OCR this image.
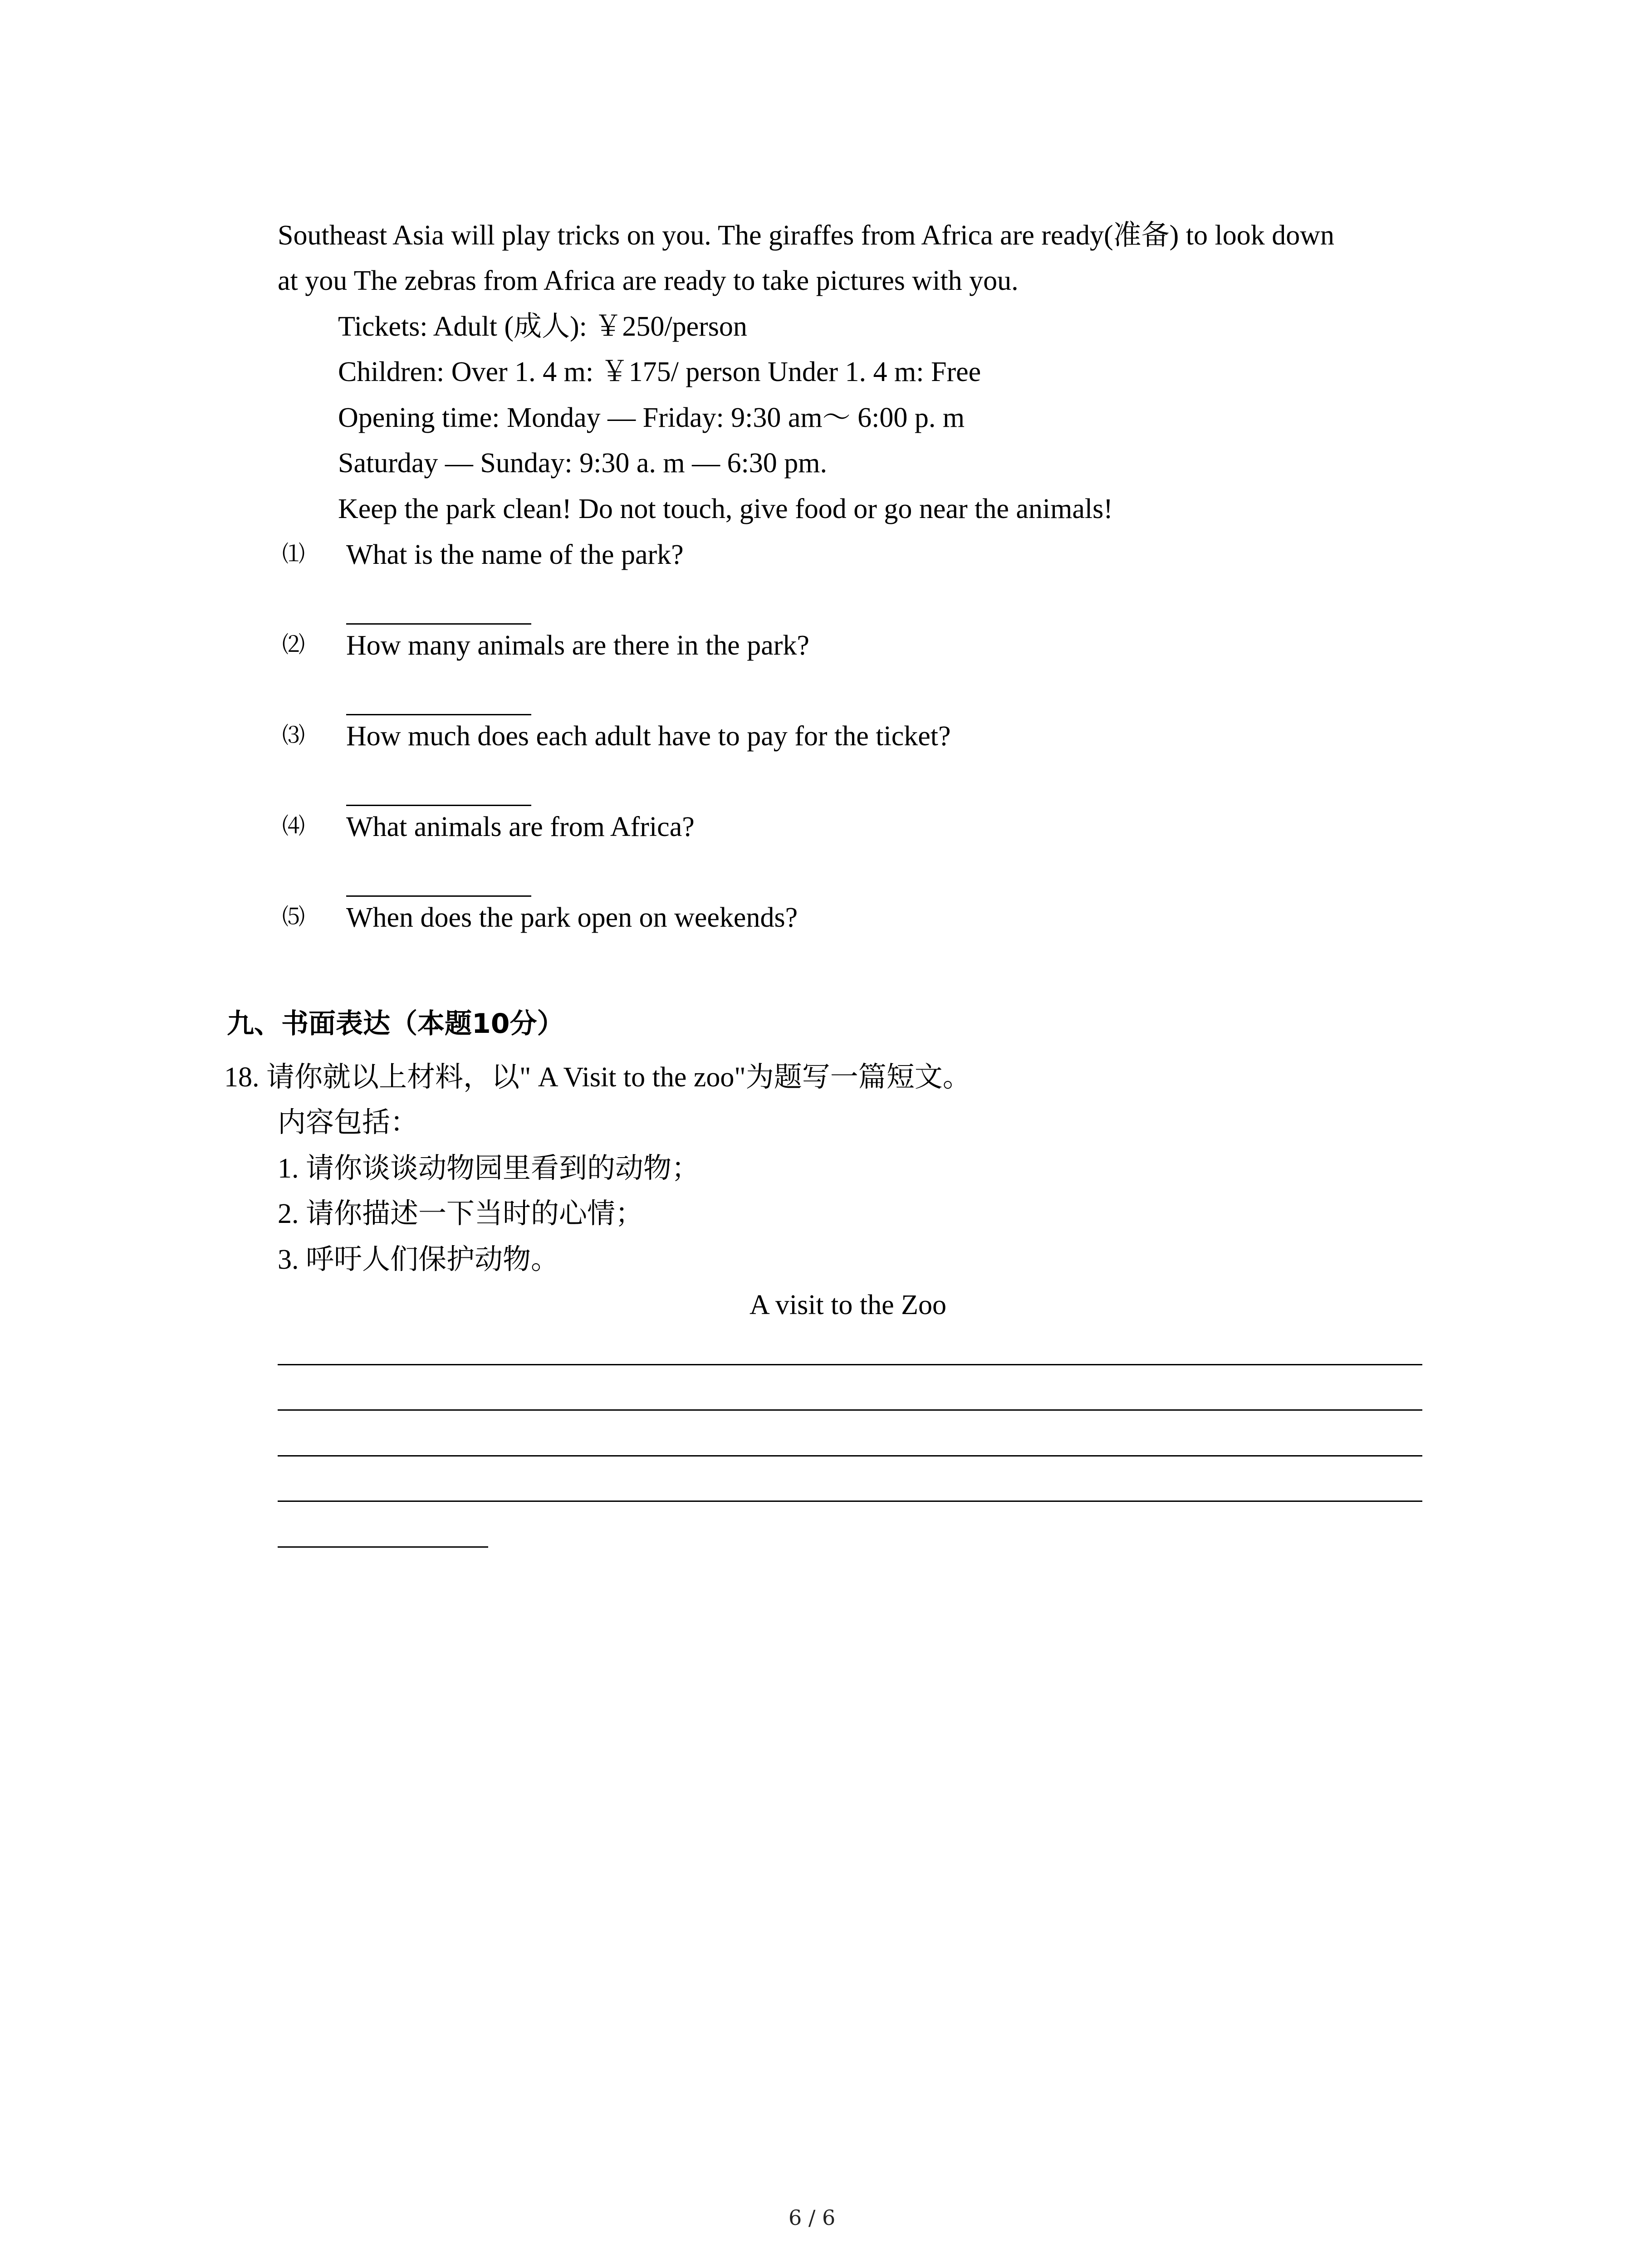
Southeast Asia will play tricks on you. The giraffes from Africa are ready(准备) to look down
at you The zebras from Africa are ready to take pictures with you.
Tickets: Adult (成人): ￥250/person
Children: Over 1. 4 m: ￥175/ person Under 1. 4 m: Free
Opening time: Monday — Friday: 9:30 am～ 6:00 p. m
Saturday — Sunday: 9:30 a. m — 6:30 pm.
Keep the park clean! Do not touch, give food or go near the animals!
⑴ What is the name of the park?
⑵ How many animals are there in the park?
⑶ How much does each adult have to pay for the ticket?
⑷ What animals are from Africa?
⑸ When does the park open on weekends?
九、书面表达（本题10分）
18. 请你就以上材料，以" A Visit to the zoo"为题写一篇短文。
内容包括：
1. 请你谈谈动物园里看到的动物；
2. 请你描述一下当时的心情；
3. 呼吁人们保护动物。
A visit to the Zoo
6 / 6
